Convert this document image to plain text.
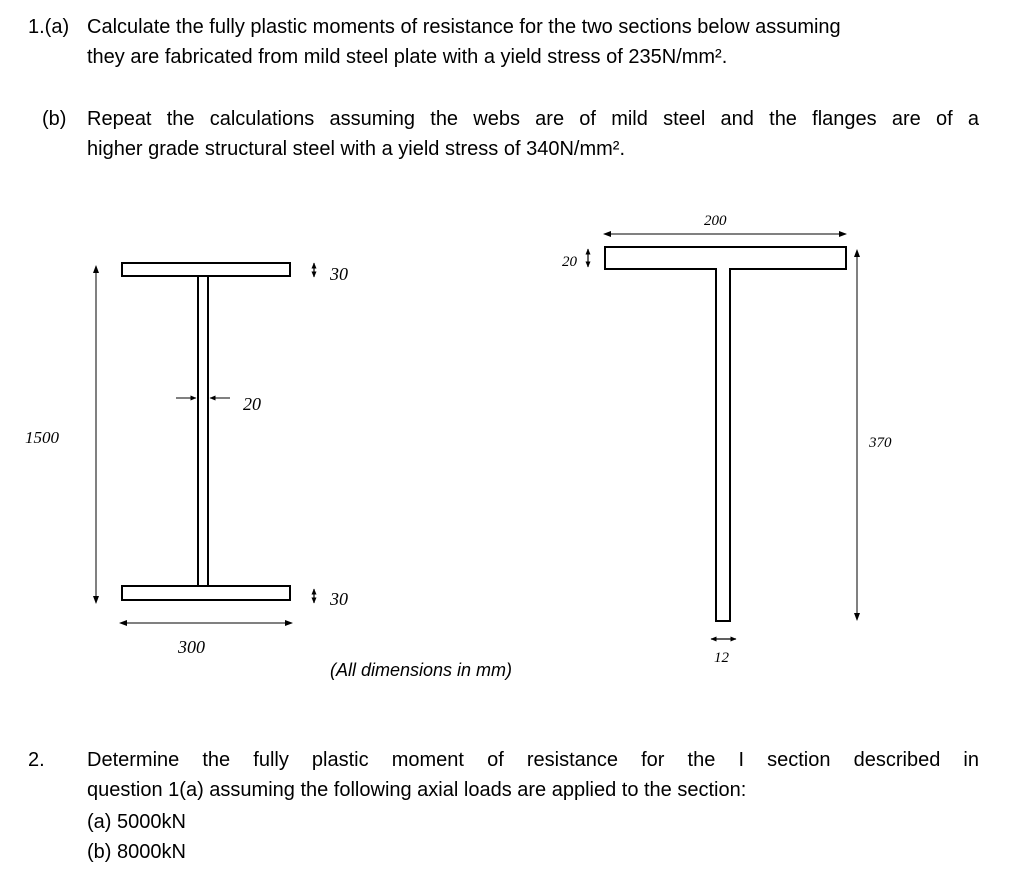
1.(a) Calculate the fully plastic moments of resistance for the two sections below assuming
they are fabricated from mild steel plate with a yield stress of 235N/mm².
(b) Repeat the calculations assuming the webs are of mild steel and the flanges are of a
higher grade structural steel with a yield stress of 340N/mm².
1500
20
30
30
300
200
20
370
12
(All dimensions in mm)
2. Determine the fully plastic moment of resistance for the I section described in
question 1(a) assuming the following axial loads are applied to the section:
(a) 5000kN
(b) 8000kN
